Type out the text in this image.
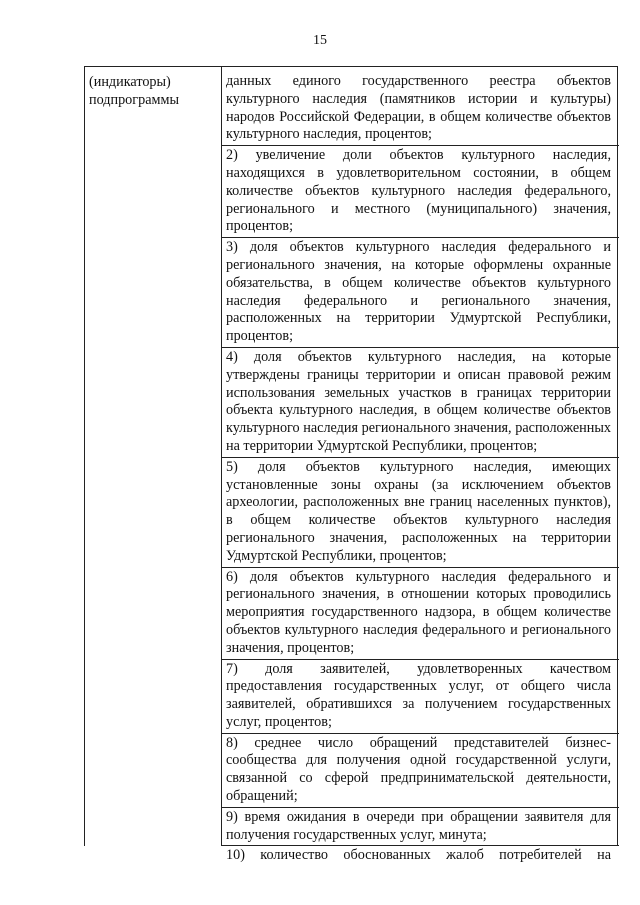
15
(индикаторы)
подпрограммы

данных единого государственного реестра объектов культурного наследия (памятников истории и культуры) народов Российской Федерации, в общем количестве объектов культурного наследия, процентов;

2) увеличение доли объектов культурного наследия, находящихся в удовлетворительном состоянии, в общем количестве объектов культурного наследия федерального, регионального и местного (муниципального) значения, процентов;

3) доля объектов культурного наследия федерального и регионального значения, на которые оформлены охранные обязательства, в общем количестве объектов культурного наследия федерального и регионального значения, расположенных на территории Удмуртской Республики, процентов;

4) доля объектов культурного наследия, на которые утверждены границы территории и описан правовой режим использования земельных участков в границах территории объекта культурного наследия, в общем количестве объектов культурного наследия регионального значения, расположенных на территории Удмуртской Республики, процентов;

5) доля объектов культурного наследия, имеющих установленные зоны охраны (за исключением объектов археологии, расположенных вне границ населенных пунктов), в общем количестве объектов культурного наследия регионального значения, расположенных на территории Удмуртской Республики, процентов;

6) доля объектов культурного наследия федерального и регионального значения, в отношении которых проводились мероприятия государственного надзора, в общем количестве объектов культурного наследия федерального и регионального значения, процентов;

7) доля заявителей, удовлетворенных качеством предоставления государственных услуг, от общего числа заявителей, обратившихся за получением государственных услуг, процентов;

8) среднее число обращений представителей бизнес-сообщества для получения одной государственной услуги, связанной со сферой предпринимательской деятельности, обращений;

9) время ожидания в очереди при обращении заявителя для получения государственных услуг, минута;

10) количество обоснованных жалоб потребителей на
